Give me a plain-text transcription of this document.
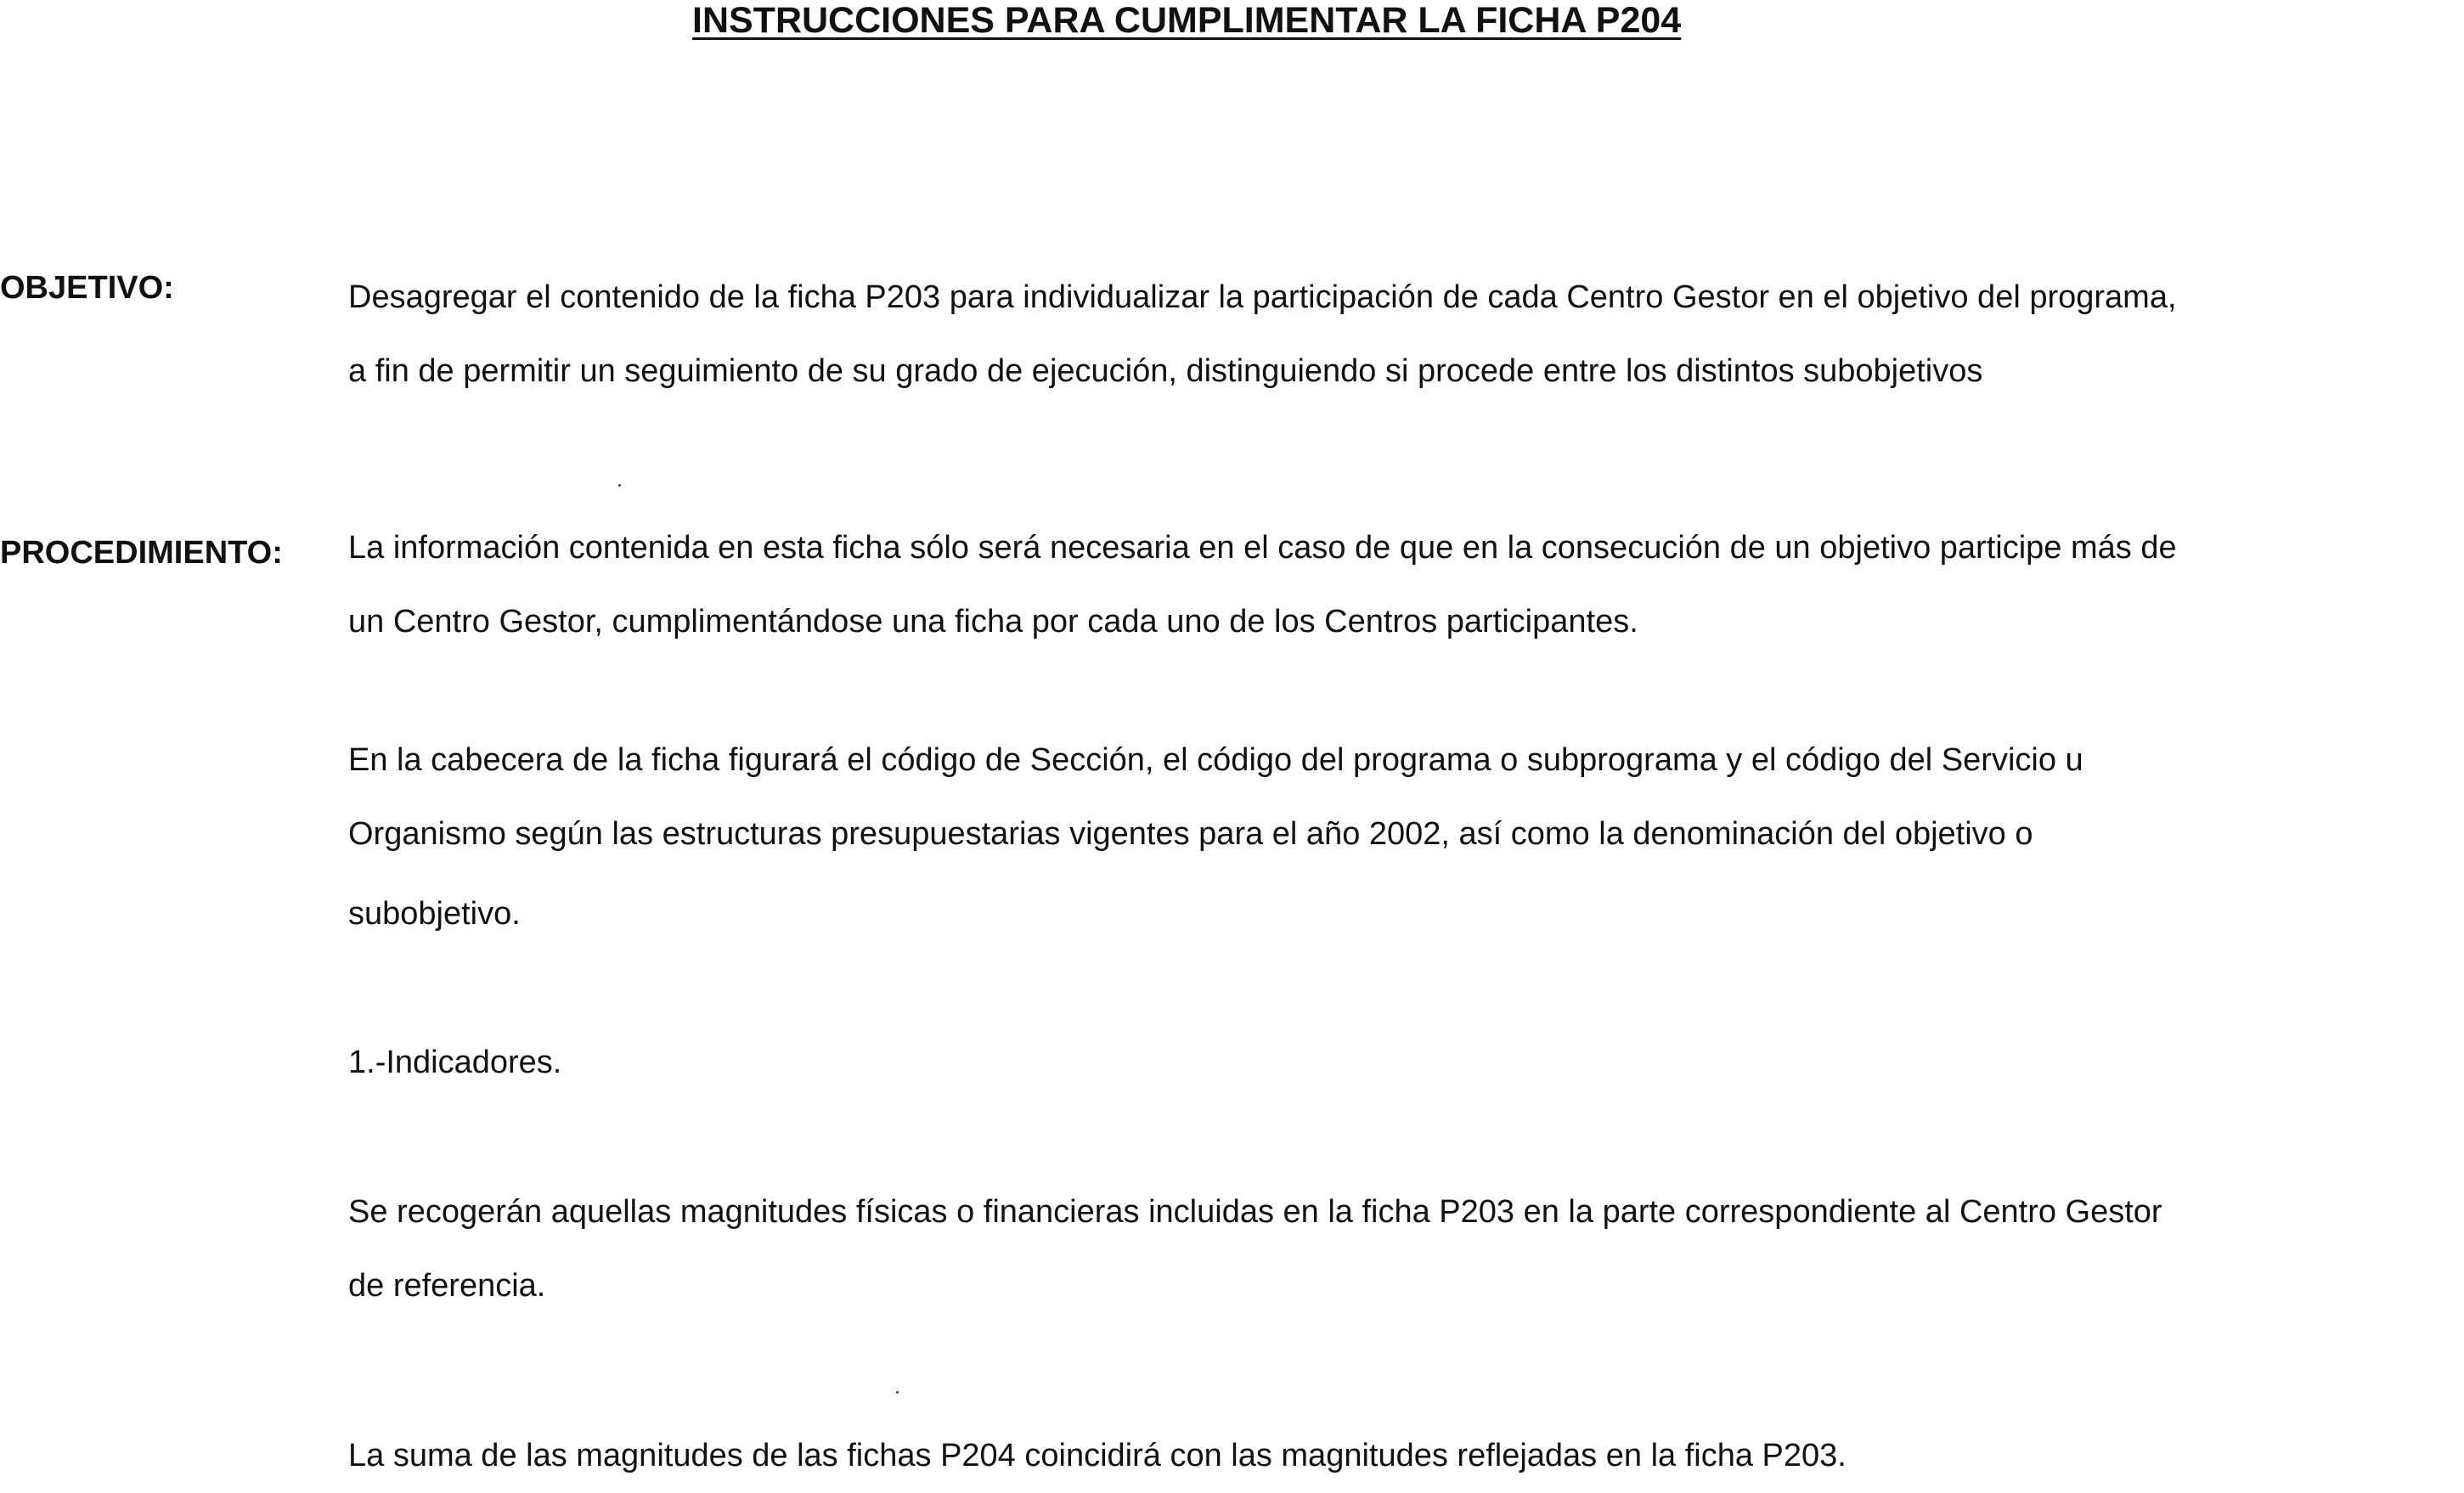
INSTRUCCIONES PARA CUMPLIMENTAR LA FICHA P204
OBJETIVO:	Desagregar el contenido de la ficha P203 para individualizar la participación de cada Centro Gestor en el objetivo del programa,
a fin de permitir un seguimiento de su grado de ejecución, distinguiendo si procede entre los distintos subobjetivos
PROCEDIMIENTO: La información contenida en esta ficha sólo será necesaria en el caso de que en la consecución de un objetivo participe más de
un Centro Gestor, cumplimentándose una ficha por cada uno de los Centros participantes.
En la cabecera de la ficha figurará el código de Sección, el código del programa o subprograma y el código del Servicio u
Organismo según las estructuras presupuestarias vigentes para el año 2002, así como la denominación del objetivo o
subobjetivo.
1.-Indicadores.
Se recogerán aquellas magnitudes físicas o financieras incluidas en la ficha P203 en la parte correspondiente al Centro Gestor
de referencia.
La suma de las magnitudes de las fichas P204 coincidirá con las magnitudes reflejadas en la ficha P203.
